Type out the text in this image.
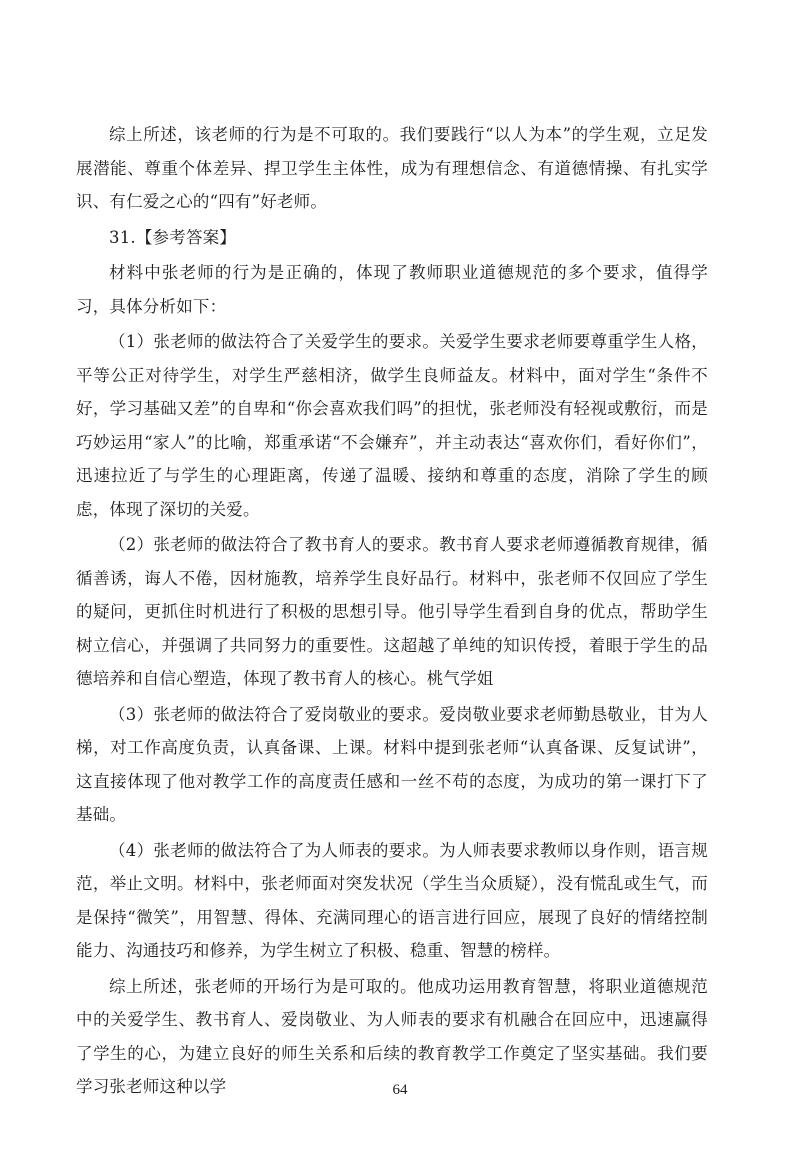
综上所述，该老师的行为是不可取的。我们要践行“以人为本”的学生观，立足发展潜能、尊重个体差异、捍卫学生主体性，成为有理想信念、有道德情操、有扎实学识、有仁爱之心的“四有”好老师。

31.【参考答案】

材料中张老师的行为是正确的，体现了教师职业道德规范的多个要求，值得学习，具体分析如下：

（1）张老师的做法符合了关爱学生的要求。关爱学生要求老师要尊重学生人格，平等公正对待学生，对学生严慈相济，做学生良师益友。材料中，面对学生“条件不好，学习基础又差”的自卑和“你会喜欢我们吗”的担忧，张老师没有轻视或敷衍，而是巧妙运用“家人”的比喻，郑重承诺“不会嫌弃”，并主动表达“喜欢你们，看好你们”，迅速拉近了与学生的心理距离，传递了温暖、接纳和尊重的态度，消除了学生的顾虑，体现了深切的关爱。

（2）张老师的做法符合了教书育人的要求。教书育人要求老师遵循教育规律，循循善诱，诲人不倦，因材施教，培养学生良好品行。材料中，张老师不仅回应了学生的疑问，更抓住时机进行了积极的思想引导。他引导学生看到自身的优点，帮助学生树立信心，并强调了共同努力的重要性。这超越了单纯的知识传授，着眼于学生的品德培养和自信心塑造，体现了教书育人的核心。桃气学姐

（3）张老师的做法符合了爱岗敬业的要求。爱岗敬业要求老师勤恳敬业，甘为人梯，对工作高度负责，认真备课、上课。材料中提到张老师“认真备课、反复试讲”，这直接体现了他对教学工作的高度责任感和一丝不苟的态度，为成功的第一课打下了基础。

（4）张老师的做法符合了为人师表的要求。为人师表要求教师以身作则，语言规范，举止文明。材料中，张老师面对突发状况（学生当众质疑），没有慌乱或生气，而是保持“微笑”，用智慧、得体、充满同理心的语言进行回应，展现了良好的情绪控制能力、沟通技巧和修养，为学生树立了积极、稳重、智慧的榜样。

综上所述，张老师的开场行为是可取的。他成功运用教育智慧，将职业道德规范中的关爱学生、教书育人、爱岗敬业、为人师表的要求有机融合在回应中，迅速赢得了学生的心，为建立良好的师生关系和后续的教育教学工作奠定了坚实基础。我们要学习张老师这种以学	64
